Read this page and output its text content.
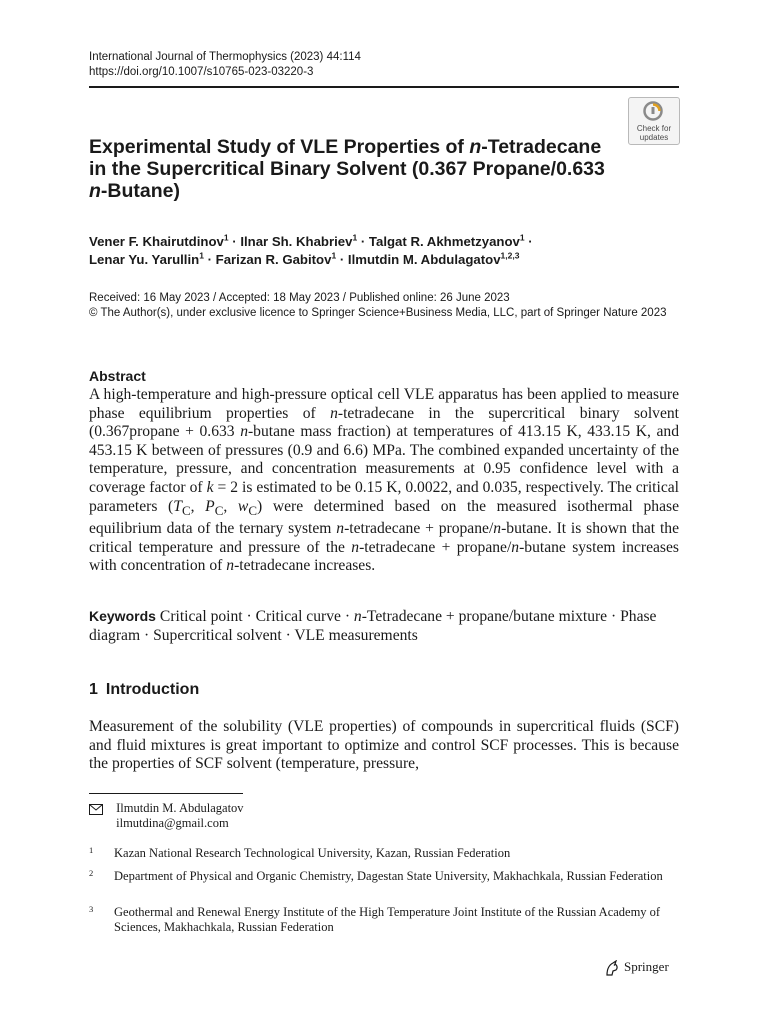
International Journal of Thermophysics (2023) 44:114
https://doi.org/10.1007/s10765-023-03220-3
Check for
updates
Experimental Study of VLE Properties of n-Tetradecane
in the Supercritical Binary Solvent (0.367 Propane/0.633
n-Butane)
Vener F. Khairutdinov$^1$ · Ilnar Sh. Khabriev$^1$ · Talgat R. Akhmetzyanov$^1$ ·
Lenar Yu. Yarullin$^1$ · Farizan R. Gabitov$^1$ · Ilmutdin M. Abdulagatov$^{1,2,3}$
Received: 16 May 2023 / Accepted: 18 May 2023 / Published online: 26 June 2023
© The Author(s), under exclusive licence to Springer Science+Business Media, LLC, part of Springer Nature 2023
Abstract
A high-temperature and high-pressure optical cell VLE apparatus has been applied to measure phase equilibrium properties of n-tetradecane in the supercritical binary solvent (0.367propane + 0.633 n-butane mass fraction) at temperatures of 413.15 K, 433.15 K, and 453.15 K between of pressures (0.9 and 6.6) MPa. The combined expanded uncertainty of the temperature, pressure, and concentration measurements at 0.95 confidence level with a coverage factor of k = 2 is estimated to be 0.15 K, 0.0022, and 0.035, respectively. The critical parameters ($T_C$, $P_C$, $w_C$) were determined based on the measured isothermal phase equilibrium data of the ternary system n-tetradecane + propane/n-butane. It is shown that the critical temperature and pressure of the n-tetradecane + propane/n-butane system increases with concentration of n-tetradecane increases.
Keywords Critical point · Critical curve · n-Tetradecane + propane/butane mixture · Phase diagram · Supercritical solvent · VLE measurements
1 Introduction
Measurement of the solubility (VLE properties) of compounds in supercritical fluids (SCF) and fluid mixtures is great important to optimize and control SCF processes. This is because the properties of SCF solvent (temperature, pressure,
Ilmutdin M. Abdulagatov
ilmutdina@gmail.com
1 Kazan National Research Technological University, Kazan, Russian Federation
2 Department of Physical and Organic Chemistry, Dagestan State University, Makhachkala, Russian Federation
3 Geothermal and Renewal Energy Institute of the High Temperature Joint Institute of the Russian Academy of Sciences, Makhachkala, Russian Federation
Springer
